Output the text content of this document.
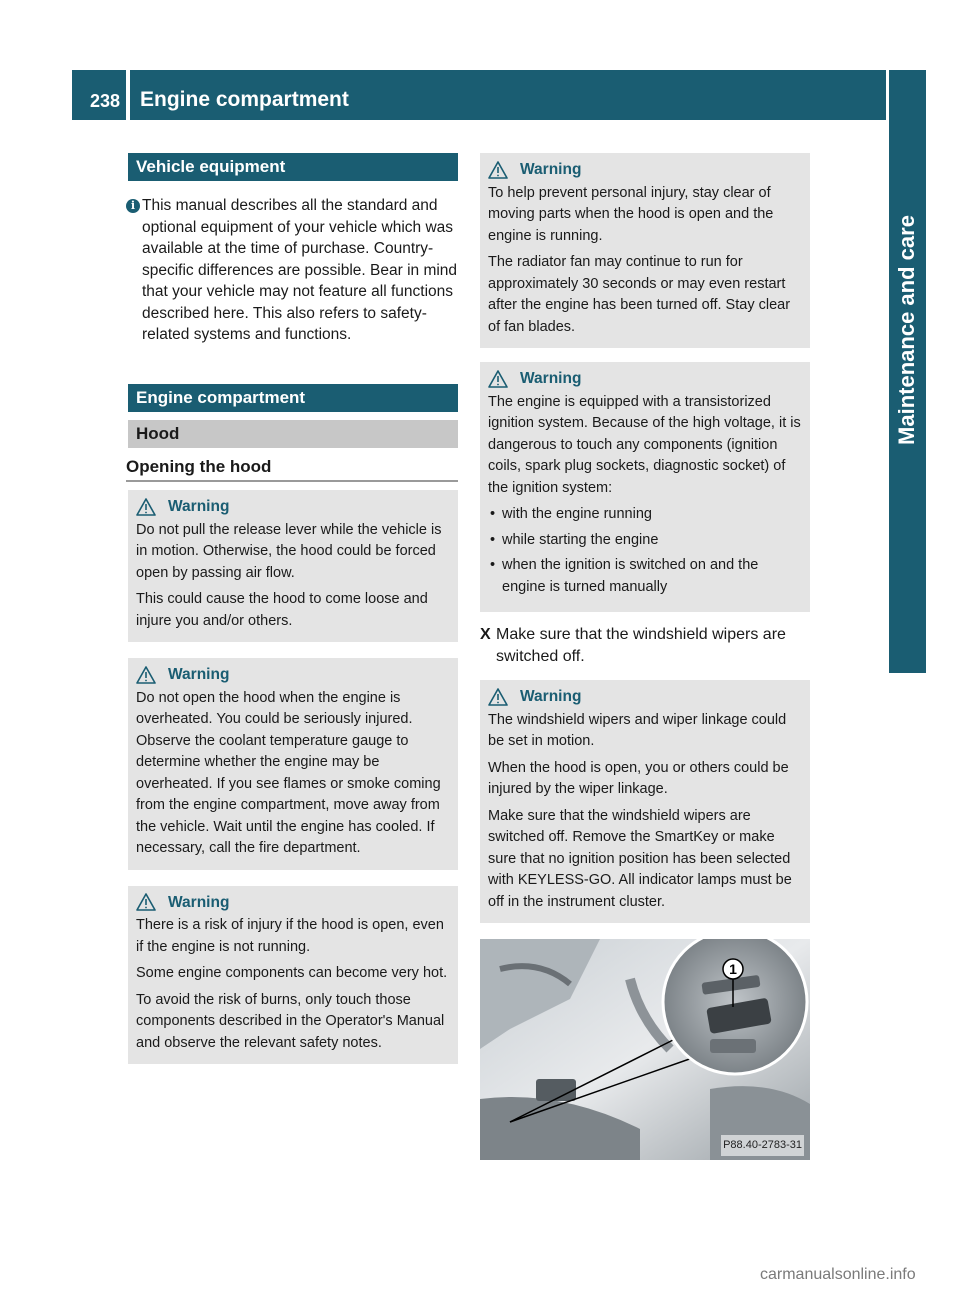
238 Engine compartment
Maintenance and care
Vehicle equipment
i This manual describes all the standard and optional equipment of your vehicle which was available at the time of purchase. Country-specific differences are possible. Bear in mind that your vehicle may not feature all functions described here. This also refers to safety-related systems and functions.
Engine compartment
Hood
Opening the hood
Warning

Do not pull the release lever while the vehicle is in motion. Otherwise, the hood could be forced open by passing air flow.

This could cause the hood to come loose and injure you and/or others.

Warning

Do not open the hood when the engine is overheated. You could be seriously injured. Observe the coolant temperature gauge to determine whether the engine may be overheated. If you see flames or smoke coming from the engine compartment, move away from the vehicle. Wait until the engine has cooled. If necessary, call the fire department.

Warning

There is a risk of injury if the hood is open, even if the engine is not running.

Some engine components can become very hot.

To avoid the risk of burns, only touch those components described in the Operator's Manual and observe the relevant safety notes.

Warning

To help prevent personal injury, stay clear of moving parts when the hood is open and the engine is running.

The radiator fan may continue to run for approximately 30 seconds or may even restart after the engine has been turned off. Stay clear of fan blades.

Warning

The engine is equipped with a transistorized ignition system. Because of the high voltage, it is dangerous to touch any components (ignition coils, spark plug sockets, diagnostic socket) of the ignition system:

• with the engine running
• while starting the engine
• when the ignition is switched on and the engine is turned manually
X Make sure that the windshield wipers are switched off.
Warning

The windshield wipers and wiper linkage could be set in motion.

When the hood is open, you or others could be injured by the wiper linkage.

Make sure that the windshield wipers are switched off. Remove the SmartKey or make sure that no ignition position has been selected with KEYLESS-GO. All indicator lamps must be off in the instrument cluster.

1
P88.40-2783-31
carmanualsonline.info
